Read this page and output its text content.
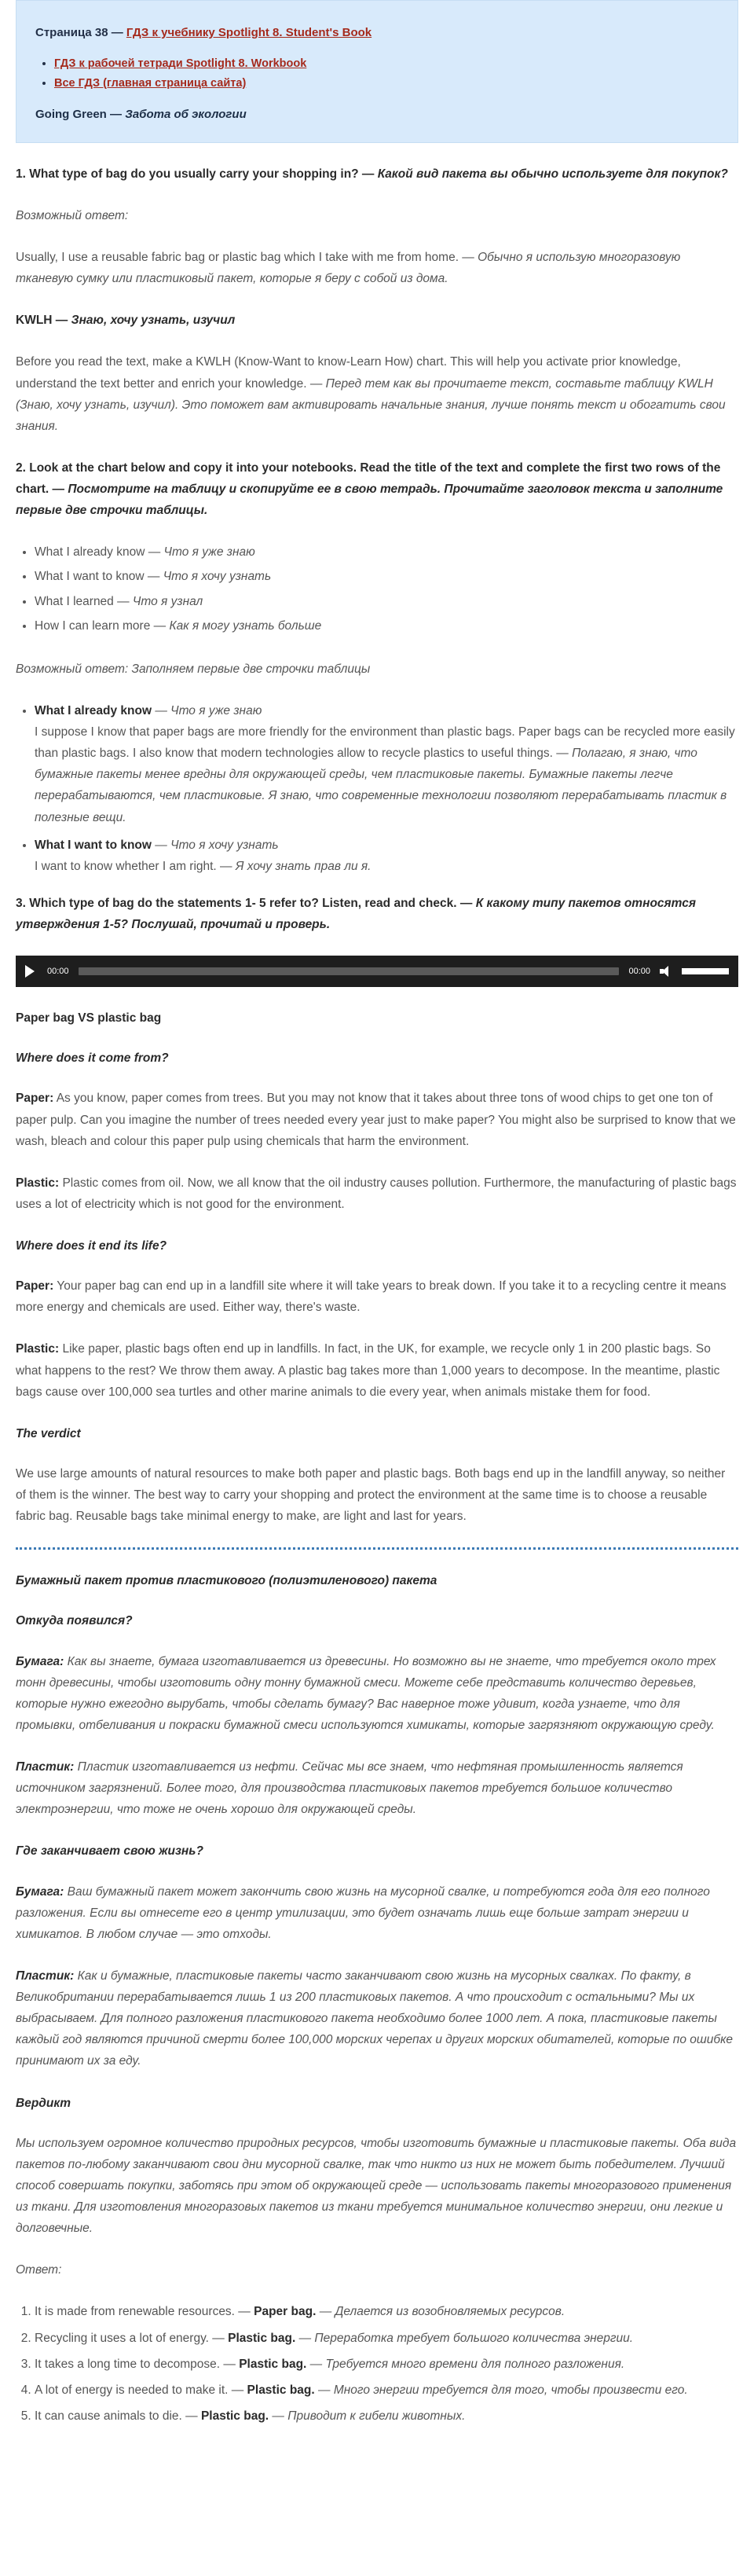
Страница 38 — ГДЗ к учебнику Spotlight 8. Student's Book
• ГДЗ к рабочей тетради Spotlight 8. Workbook
• Все ГДЗ (главная страница сайта)
Going Green — Забота об экологии

1. What type of bag do you usually carry your shopping in? — Какой вид пакета вы обычно используете для покупок?

Возможный ответ:

Usually, I use a reusable fabric bag or plastic bag which I take with me from home. — Обычно я использую многоразовую тканевую сумку или пластиковый пакет, которые я беру с собой из дома.

KWLH — Знаю, хочу узнать, изучил

Before you read the text, make a KWLH (Know-Want to know-Learn How) chart. This will help you activate prior knowledge, understand the text better and enrich your knowledge. — Перед тем как вы прочитаете текст, составьте таблицу KWLH (Знаю, хочу узнать, изучил). Это поможет вам активировать начальные знания, лучше понять текст и обогатить свои знания.

2. Look at the chart below and copy it into your notebooks. Read the title of the text and complete the first two rows of the chart. — Посмотрите на таблицу и скопируйте ее в свою тетрадь. Прочитайте заголовок текста и заполните первые две строчки таблицы.

• What I already know — Что я уже знаю
• What I want to know — Что я хочу узнать
• What I learned — Что я узнал
• How I can learn more — Как я могу узнать больше

Возможный ответ: Заполняем первые две строчки таблицы

• What I already know — Что я уже знаю
I suppose I know that paper bags are more friendly for the environment than plastic bags. Paper bags can be recycled more easily than plastic bags. I also know that modern technologies allow to recycle plastics to useful things. — Полагаю, я знаю, что бумажные пакеты менее вредны для окружающей среды, чем пластиковые пакеты. Бумажные пакеты легче перерабатываются, чем пластиковые. Я знаю, что современные технологии позволяют перерабатывать пластик в полезные вещи.
• What I want to know — Что я хочу узнать
I want to know whether I am right. — Я хочу знать прав ли я.

3. Which type of bag do the statements 1- 5 refer to? Listen, read and check. — К какому типу пакетов относятся утверждения 1-5? Послушай, прочитай и проверь.

00:00	00:00
Paper bag VS plastic bag
Where does it come from?

Paper: As you know, paper comes from trees. But you may not know that it takes about three tons of wood chips to get one ton of paper pulp. Can you imagine the number of trees needed every year just to make paper? You might also be surprised to know that we wash, bleach and colour this paper pulp using chemicals that harm the environment.

Plastic: Plastic comes from oil. Now, we all know that the oil industry causes pollution. Furthermore, the manufacturing of plastic bags uses a lot of electricity which is not good for the environment.

Where does it end its life?

Paper: Your paper bag can end up in a landfill site where it will take years to break down. If you take it to a recycling centre it means more energy and chemicals are used. Either way, there's waste.

Plastic: Like paper, plastic bags often end up in landfills. In fact, in the UK, for example, we recycle only 1 in 200 plastic bags. So what happens to the rest? We throw them away. A plastic bag takes more than 1,000 years to decompose. In the meantime, plastic bags cause over 100,000 sea turtles and other marine animals to die every year, when animals mistake them for food.

The verdict

We use large amounts of natural resources to make both paper and plastic bags. Both bags end up in the landfill anyway, so neither of them is the winner. The best way to carry your shopping and protect the environment at the same time is to choose a reusable fabric bag. Reusable bags take minimal energy to make, are light and last for years.

Бумажный пакет против пластикового (полиэтиленового) пакета
Откуда появился?

Бумага: Как вы знаете, бумага изготавливается из древесины. Но возможно вы не знаете, что требуется около трех тонн древесины, чтобы изготовить одну тонну бумажной смеси. Можете себе представить количество деревьев, которые нужно ежегодно вырубать, чтобы сделать бумагу? Вас наверное тоже удивит, когда узнаете, что для промывки, отбеливания и покраски бумажной смеси используются химикаты, которые загрязняют окружающую среду.

Пластик: Пластик изготавливается из нефти. Сейчас мы все знаем, что нефтяная промышленность является источником загрязнений. Более того, для производства пластиковых пакетов требуется большое количество электроэнергии, что тоже не очень хорошо для окружающей среды.

Где заканчивает свою жизнь?

Бумага: Ваш бумажный пакет может закончить свою жизнь на мусорной свалке, и потребуются года для его полного разложения. Если вы отнесете его в центр утилизации, это будет означать лишь еще больше затрат энергии и химикатов. В любом случае — это отходы.

Пластик: Как и бумажные, пластиковые пакеты часто заканчивают свою жизнь на мусорных свалках. По факту, в Великобритании перерабатывается лишь 1 из 200 пластиковых пакетов. А что происходит с остальными? Мы их выбрасываем. Для полного разложения пластикового пакета необходимо более 1000 лет. А пока, пластиковые пакеты каждый год являются причиной смерти более 100,000 морских черепах и других морских обитателей, которые по ошибке принимают их за еду.

Вердикт

Мы используем огромное количество природных ресурсов, чтобы изготовить бумажные и пластиковые пакеты. Оба вида пакетов по-любому заканчивают свои дни мусорной свалке, так что никто из них не может быть победителем. Лучший способ совершать покупки, заботясь при этом об окружающей среде — использовать пакеты многоразового применения из ткани. Для изготовления многоразовых пакетов из ткани требуется минимальное количество энергии, они легкие и долговечные.

Ответ:

1. It is made from renewable resources. — Paper bag. — Делается из возобновляемых ресурсов.
2. Recycling it uses a lot of energy. — Plastic bag. — Переработка требует большого количества энергии.
3. It takes a long time to decompose. — Plastic bag. — Требуется много времени для полного разложения.
4. A lot of energy is needed to make it. — Plastic bag. — Много энергии требуется для того, чтобы произвести его.
5. It can cause animals to die. — Plastic bag. — Приводит к гибели животных.
